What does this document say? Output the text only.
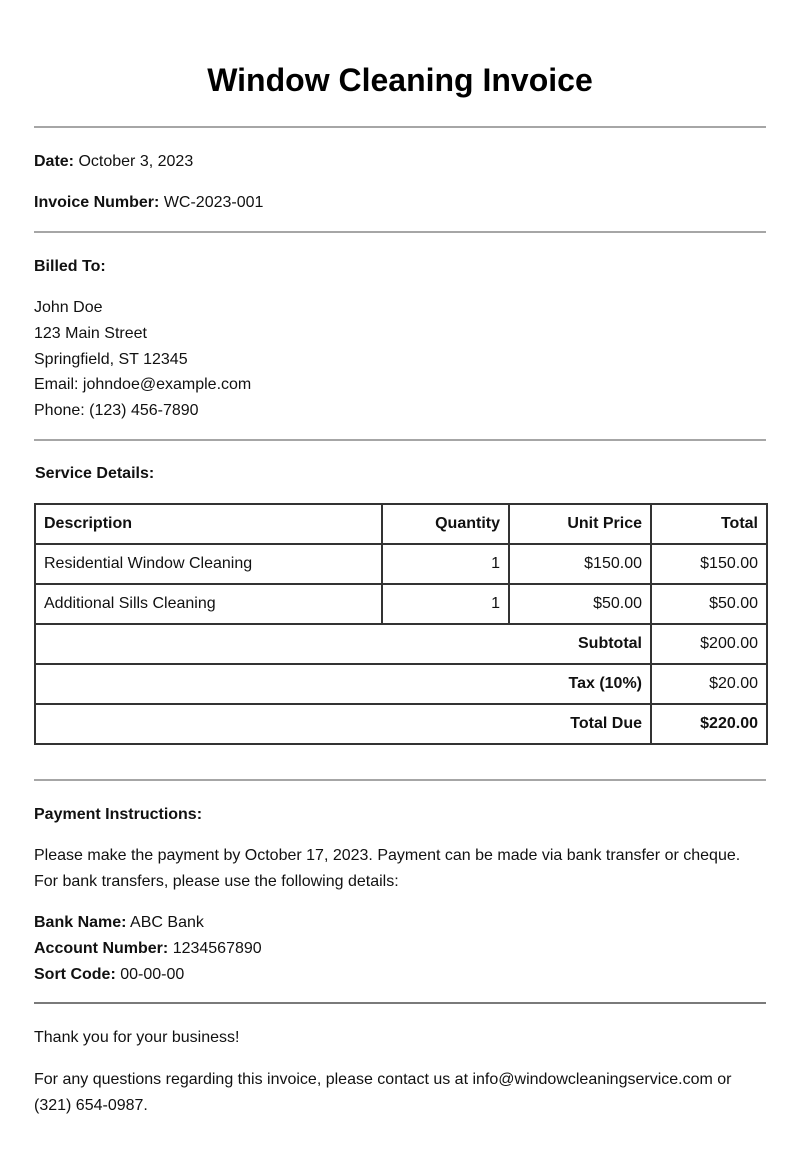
Window Cleaning Invoice
Date: October 3, 2023
Invoice Number: WC-2023-001
Billed To:
John Doe
123 Main Street
Springfield, ST 12345
Email: johndoe@example.com
Phone: (123) 456-7890
Service Details:
Description	Quantity	Unit Price	Total
Residential Window Cleaning	1	$150.00	$150.00
Additional Sills Cleaning	1	$50.00	$50.00
Subtotal			$200.00
Tax (10%)			$20.00
Total Due			$220.00
Payment Instructions:
Please make the payment by October 17, 2023. Payment can be made via bank transfer or cheque.
For bank transfers, please use the following details:
Bank Name: ABC Bank
Account Number: 1234567890
Sort Code: 00-00-00
Thank you for your business!
For any questions regarding this invoice, please contact us at info@windowcleaningservice.com or
(321) 654-0987.
